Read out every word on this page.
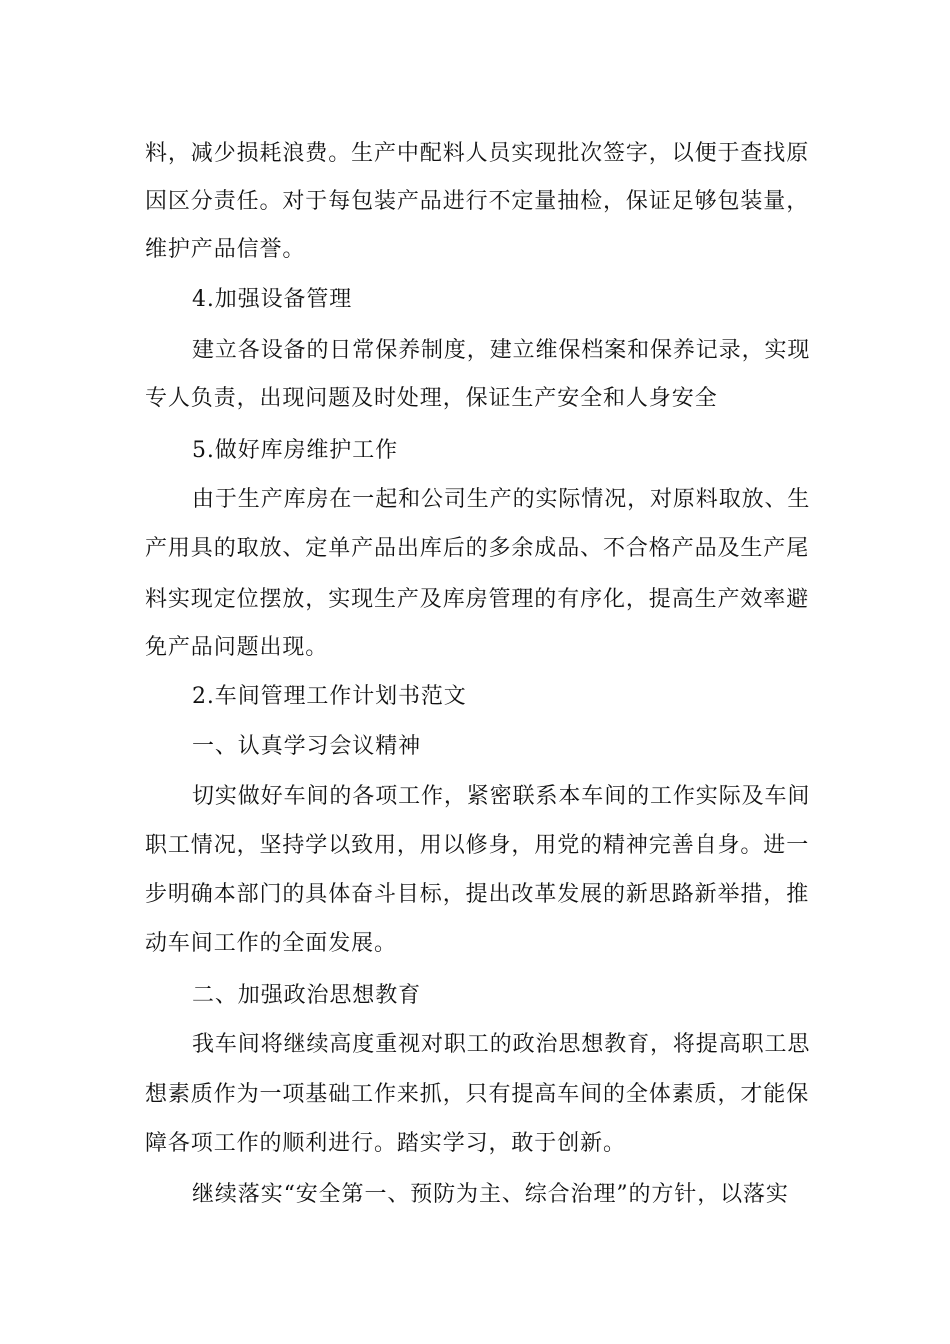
料，减少损耗浪费。生产中配料人员实现批次签字，以便于查找原
因区分责任。对于每包装产品进行不定量抽检，保证足够包装量，
维护产品信誉。
4.加强设备管理
建立各设备的日常保养制度，建立维保档案和保养记录，实现
专人负责，出现问题及时处理，保证生产安全和人身安全
5.做好库房维护工作
由于生产库房在一起和公司生产的实际情况，对原料取放、生
产用具的取放、定单产品出库后的多余成品、不合格产品及生产尾
料实现定位摆放，实现生产及库房管理的有序化，提高生产效率避
免产品问题出现。
2.车间管理工作计划书范文
一、认真学习会议精神
切实做好车间的各项工作，紧密联系本车间的工作实际及车间
职工情况，坚持学以致用，用以修身，用党的精神完善自身。进一
步明确本部门的具体奋斗目标，提出改革发展的新思路新举措，推
动车间工作的全面发展。
二、加强政治思想教育
我车间将继续高度重视对职工的政治思想教育，将提高职工思
想素质作为一项基础工作来抓，只有提高车间的全体素质，才能保
障各项工作的顺利进行。踏实学习，敢于创新。
继续落实“安全第一、预防为主、综合治理”的方针，以落实
